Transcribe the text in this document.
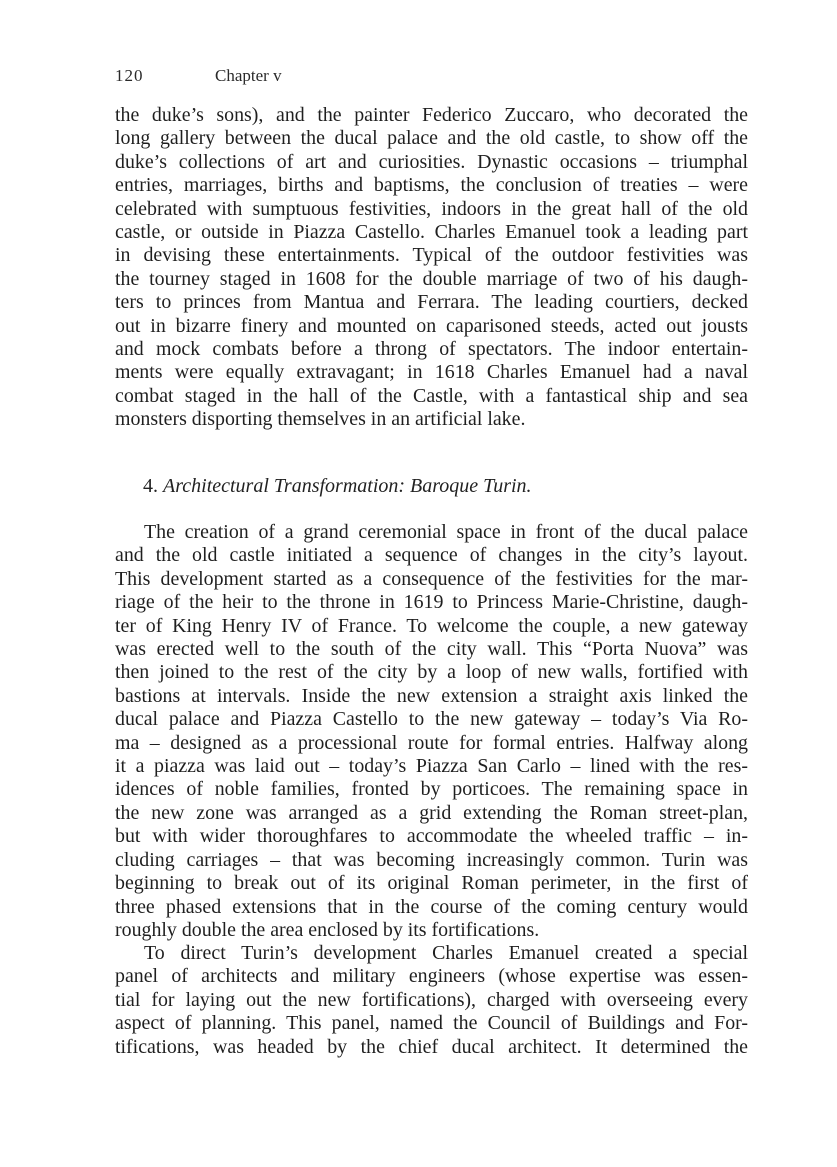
120	Chapter v
the duke’s sons), and the painter Federico Zuccaro, who decorated the
long gallery between the ducal palace and the old castle, to show off the
duke’s collections of art and curiosities. Dynastic occasions – triumphal
entries, marriages, births and baptisms, the conclusion of treaties – were
celebrated with sumptuous festivities, indoors in the great hall of the old
castle, or outside in Piazza Castello. Charles Emanuel took a leading part
in devising these entertainments. Typical of the outdoor festivities was
the tourney staged in 1608 for the double marriage of two of his daugh-
ters to princes from Mantua and Ferrara. The leading courtiers, decked
out in bizarre finery and mounted on caparisoned steeds, acted out jousts
and mock combats before a throng of spectators. The indoor entertain-
ments were equally extravagant; in 1618 Charles Emanuel had a naval
combat staged in the hall of the Castle, with a fantastical ship and sea
monsters disporting themselves in an artificial lake.
4. Architectural Transformation: Baroque Turin.
The creation of a grand ceremonial space in front of the ducal palace
and the old castle initiated a sequence of changes in the city’s layout.
This development started as a consequence of the festivities for the mar-
riage of the heir to the throne in 1619 to Princess Marie-Christine, daugh-
ter of King Henry IV of France. To welcome the couple, a new gateway
was erected well to the south of the city wall. This “Porta Nuova” was
then joined to the rest of the city by a loop of new walls, fortified with
bastions at intervals. Inside the new extension a straight axis linked the
ducal palace and Piazza Castello to the new gateway – today’s Via Ro-
ma – designed as a processional route for formal entries. Halfway along
it a piazza was laid out – today’s Piazza San Carlo – lined with the res-
idences of noble families, fronted by porticoes. The remaining space in
the new zone was arranged as a grid extending the Roman street-plan,
but with wider thoroughfares to accommodate the wheeled traffic – in-
cluding carriages – that was becoming increasingly common. Turin was
beginning to break out of its original Roman perimeter, in the first of
three phased extensions that in the course of the coming century would
roughly double the area enclosed by its fortifications.
To direct Turin’s development Charles Emanuel created a special
panel of architects and military engineers (whose expertise was essen-
tial for laying out the new fortifications), charged with overseeing every
aspect of planning. This panel, named the Council of Buildings and For-
tifications, was headed by the chief ducal architect. It determined the
